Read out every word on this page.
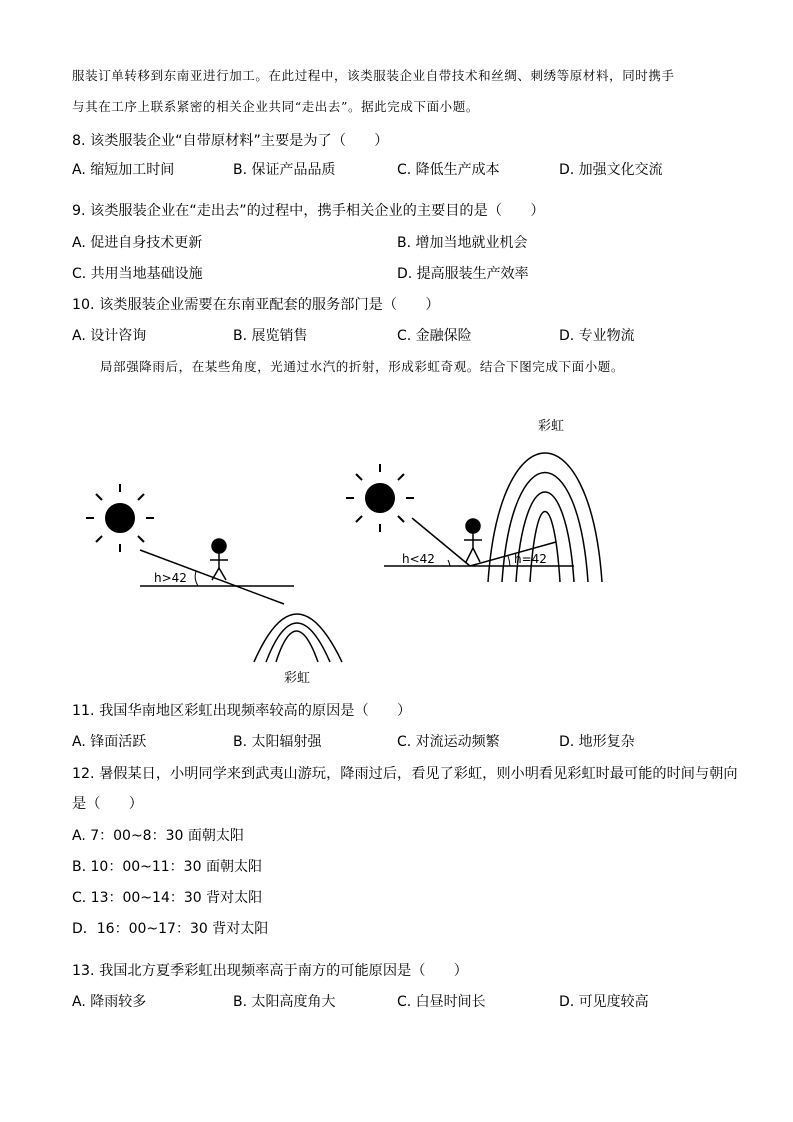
服装订单转移到东南亚进行加工。在此过程中，该类服装企业自带技术和丝绸、刺绣等原材料，同时携手
与其在工序上联系紧密的相关企业共同“走出去”。据此完成下面小题。
8. 该类服装企业“自带原材料”主要是为了（　　）
A. 缩短加工时间	B. 保证产品品质	C. 降低生产成本	D. 加强文化交流
9. 该类服装企业在“走出去”的过程中，携手相关企业的主要目的是（　　）
A. 促进自身技术更新	B. 增加当地就业机会
C. 共用当地基础设施	D. 提高服装生产效率
10. 该类服装企业需要在东南亚配套的服务部门是（　　）
A. 设计咨询	B. 展览销售	C. 金融保险	D. 专业物流
局部强降雨后，在某些角度，光通过水汽的折射，形成彩虹奇观。结合下图完成下面小题。
h>42
彩虹
h<42	h=42
彩虹
11. 我国华南地区彩虹出现频率较高的原因是（　　）
A. 锋面活跃	B. 太阳辐射强	C. 对流运动频繁	D. 地形复杂
12. 暑假某日，小明同学来到武夷山游玩，降雨过后，看见了彩虹，则小明看见彩虹时最可能的时间与朝向
是（　　）
A. 7：00~8：30 面朝太阳
B. 10：00~11：30 面朝太阳
C. 13：00~14：30 背对太阳
D．16：00~17：30 背对太阳
13. 我国北方夏季彩虹出现频率高于南方的可能原因是（　　）
A. 降雨较多	B. 太阳高度角大	C. 白昼时间长	D. 可见度较高
